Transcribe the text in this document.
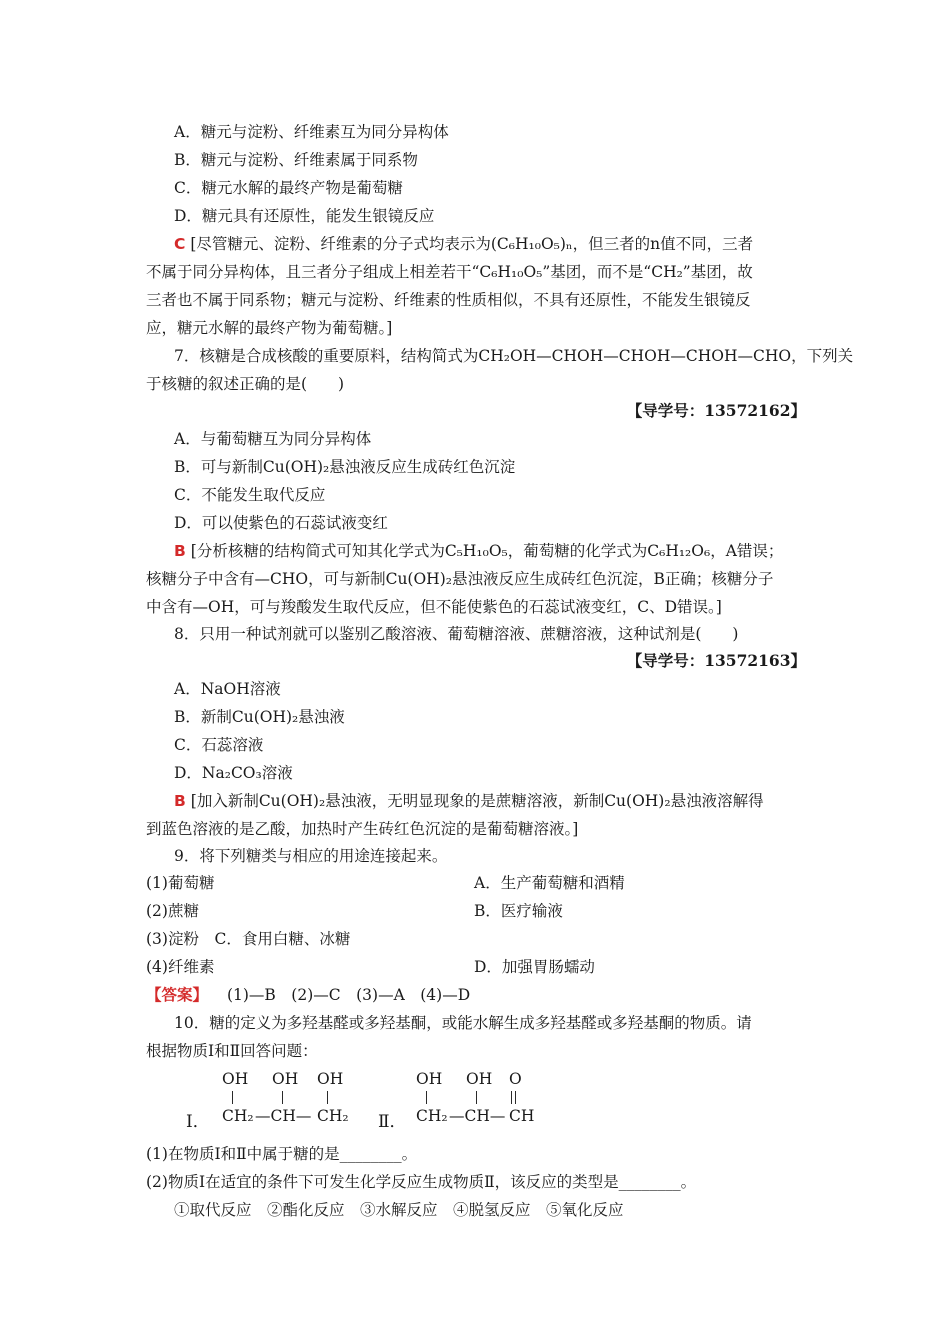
A．糖元与淀粉、纤维素互为同分异构体
B．糖元与淀粉、纤维素属于同系物
C．糖元水解的最终产物是葡萄糖
D．糖元具有还原性，能发生银镜反应
C [尽管糖元、淀粉、纤维素的分子式均表示为(C₆H₁₀O₅)ₙ，但三者的n值不同，三者
不属于同分异构体，且三者分子组成上相差若干“C₆H₁₀O₅”基团，而不是“CH₂”基团，故
三者也不属于同系物；糖元与淀粉、纤维素的性质相似，不具有还原性，不能发生银镜反
应，糖元水解的最终产物为葡萄糖。]
7．核糖是合成核酸的重要原料，结构简式为CH₂OH—CHOH—CHOH—CHOH—CHO，下列关
于核糖的叙述正确的是(　　)
【导学号：13572162】
A．与葡萄糖互为同分异构体
B．可与新制Cu(OH)₂悬浊液反应生成砖红色沉淀
C．不能发生取代反应
D．可以使紫色的石蕊试液变红
B [分析核糖的结构简式可知其化学式为C₅H₁₀O₅，葡萄糖的化学式为C₆H₁₂O₆，A错误；
核糖分子中含有—CHO，可与新制Cu(OH)₂悬浊液反应生成砖红色沉淀，B正确；核糖分子
中含有—OH，可与羧酸发生取代反应，但不能使紫色的石蕊试液变红，C、D错误。]
8．只用一种试剂就可以鉴别乙酸溶液、葡萄糖溶液、蔗糖溶液，这种试剂是(　　)
【导学号：13572163】
A．NaOH溶液
B．新制Cu(OH)₂悬浊液
C．石蕊溶液
D．Na₂CO₃溶液
B [加入新制Cu(OH)₂悬浊液，无明显现象的是蔗糖溶液，新制Cu(OH)₂悬浊液溶解得
到蓝色溶液的是乙酸，加热时产生砖红色沉淀的是葡萄糖溶液。]
9．将下列糖类与相应的用途连接起来。
(1)葡萄糖	A．生产葡萄糖和酒精
(2)蔗糖	B．医疗输液
(3)淀粉　C．食用白糖、冰糖
(4)纤维素	D．加强胃肠蠕动
【答案】 (1)—B　(2)—C　(3)—A　(4)—D
10．糖的定义为多羟基醛或多羟基酮，或能水解生成多羟基醛或多羟基酮的物质。请
根据物质Ⅰ和Ⅱ回答问题：
OH OH OH
Ⅰ． CH₂ —CH— CH₂
OH OH O
Ⅱ． CH₂ —CH— CH
(1)在物质Ⅰ和Ⅱ中属于糖的是________。
(2)物质Ⅰ在适宜的条件下可发生化学反应生成物质Ⅱ，该反应的类型是________。
①取代反应　②酯化反应　③水解反应　④脱氢反应　⑤氧化反应
